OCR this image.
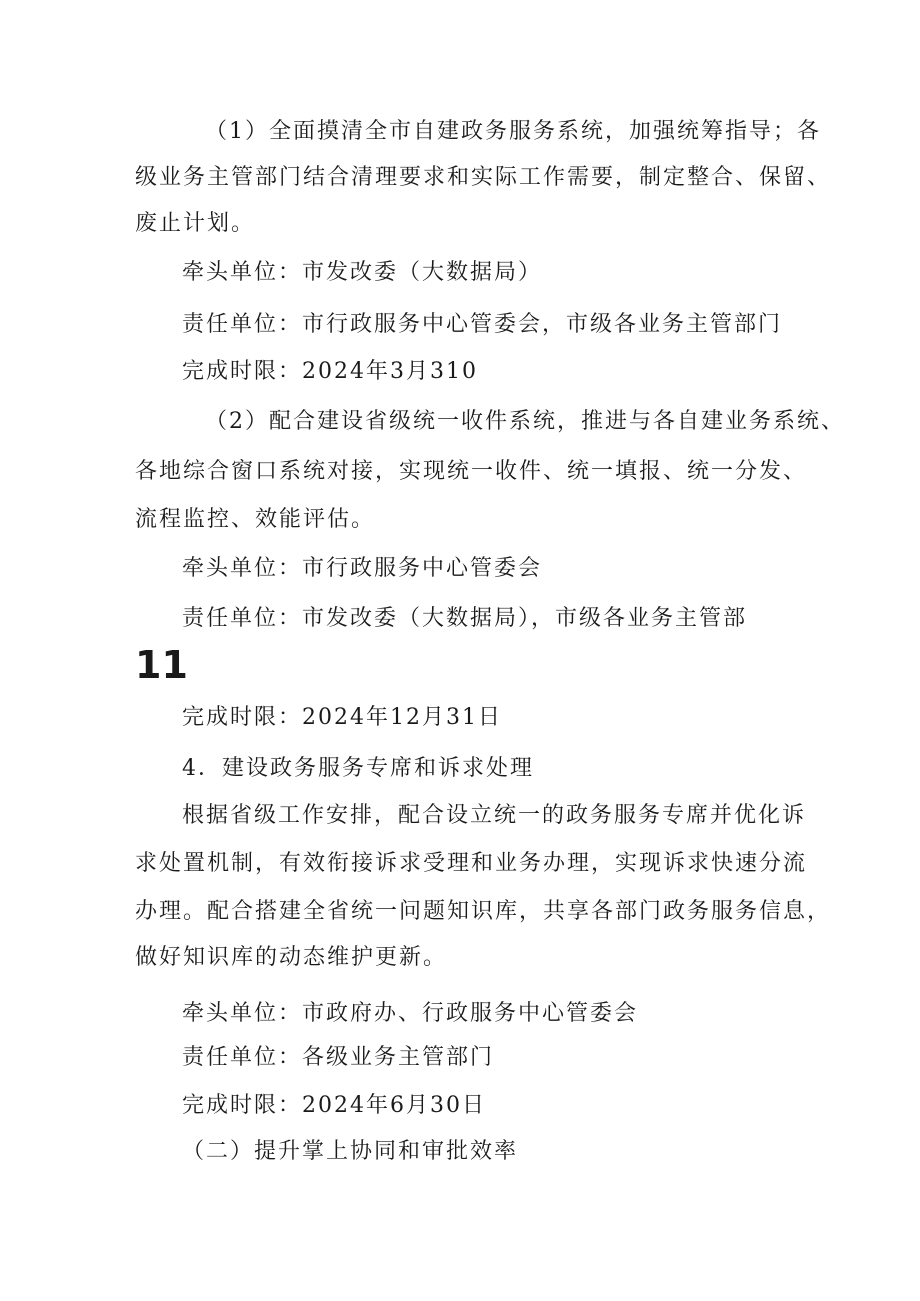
（1）全面摸清全市自建政务服务系统，加强统筹指导；各
级业务主管部门结合清理要求和实际工作需要，制定整合、保留、
废止计划。
牵头单位：市发改委（大数据局）
责任单位：市行政服务中心管委会，市级各业务主管部门
完成时限：2024年3月310
（2）配合建设省级统一收件系统，推进与各自建业务系统、
各地综合窗口系统对接，实现统一收件、统一填报、统一分发、
流程监控、效能评估。
牵头单位：市行政服务中心管委会
责任单位：市发改委（大数据局），市级各业务主管部
11
完成时限：2024年12月31日
4．建设政务服务专席和诉求处理
根据省级工作安排，配合设立统一的政务服务专席并优化诉
求处置机制，有效衔接诉求受理和业务办理，实现诉求快速分流
办理。配合搭建全省统一问题知识库，共享各部门政务服务信息，
做好知识库的动态维护更新。
牵头单位：市政府办、行政服务中心管委会
责任单位：各级业务主管部门
完成时限：2024年6月30日
（二）提升掌上协同和审批效率
